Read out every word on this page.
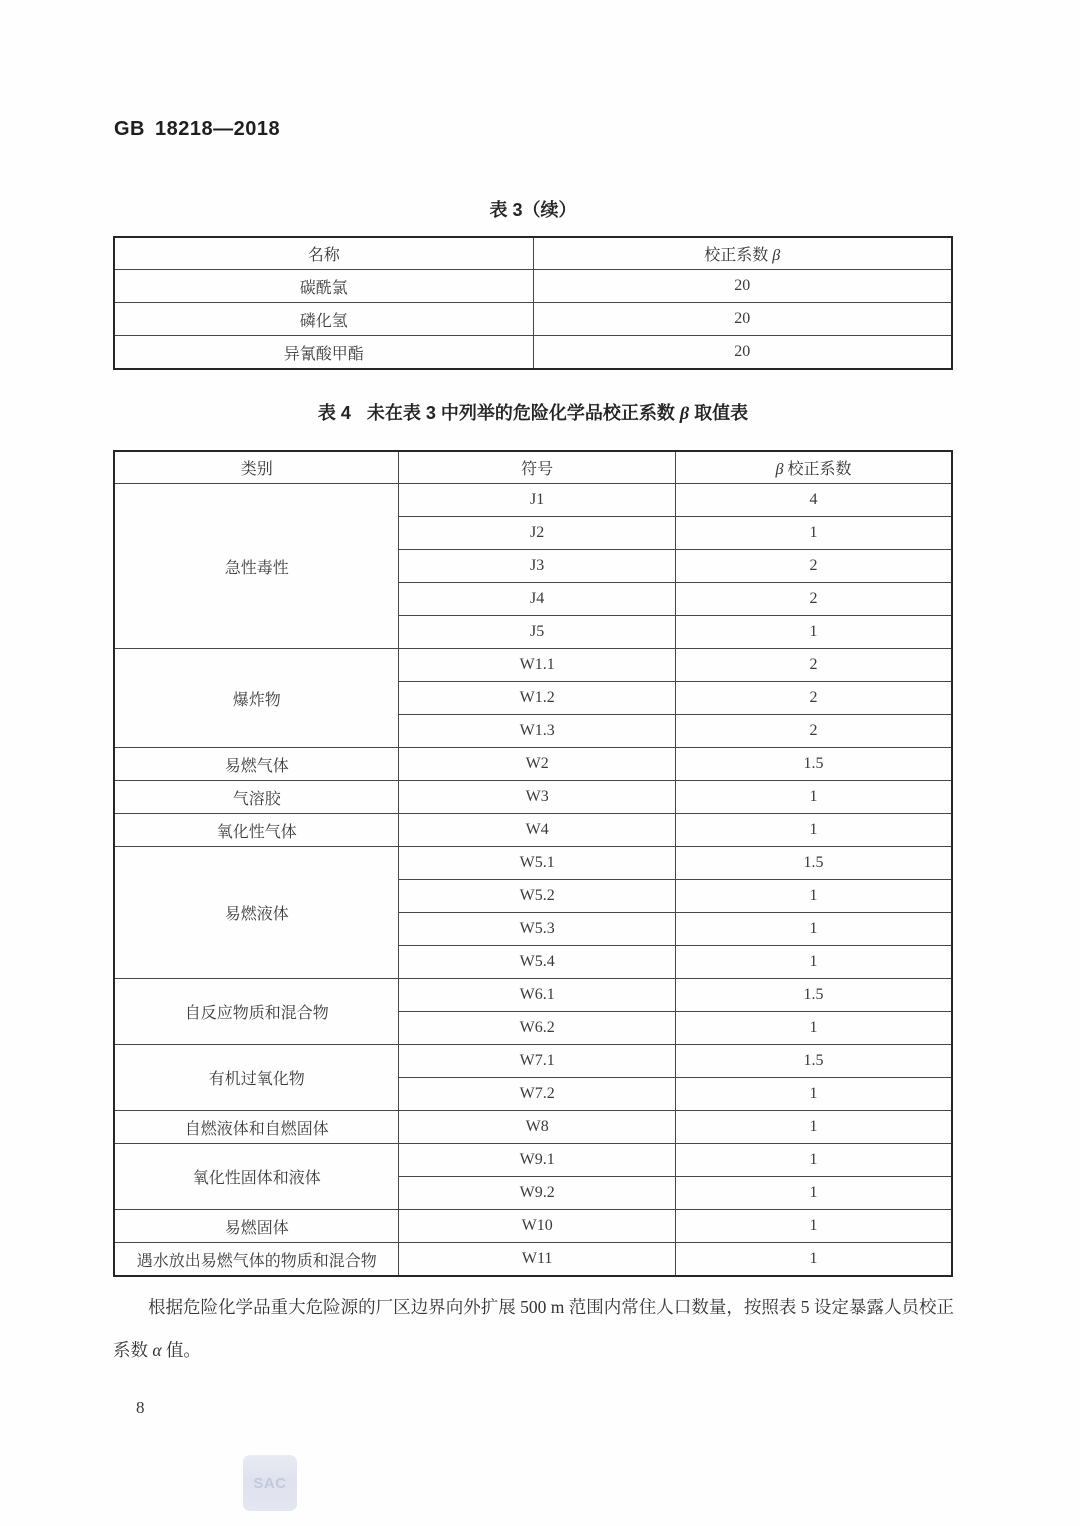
GB 18218—2018
表 3（续）
名称	校正系数 β
碳酰氯	20
磷化氢	20
异氰酸甲酯	20
表 4 未在表 3 中列举的危险化学品校正系数 β 取值表
类别	符号	β 校正系数
急性毒性	J1	4
	J2	1
	J3	2
	J4	2
	J5	1
爆炸物	W1.1	2
	W1.2	2
	W1.3	2
易燃气体	W2	1.5
气溶胶	W3	1
氧化性气体	W4	1
易燃液体	W5.1	1.5
	W5.2	1
	W5.3	1
	W5.4	1
自反应物质和混合物	W6.1	1.5
	W6.2	1
有机过氧化物	W7.1	1.5
	W7.2	1
自燃液体和自燃固体	W8	1
氧化性固体和液体	W9.1	1
	W9.2	1
易燃固体	W10	1
遇水放出易燃气体的物质和混合物	W11	1
根据危险化学品重大危险源的厂区边界向外扩展 500 m 范围内常住人口数量，按照表 5 设定暴露人员校正系数 α 值。
8
SAC
